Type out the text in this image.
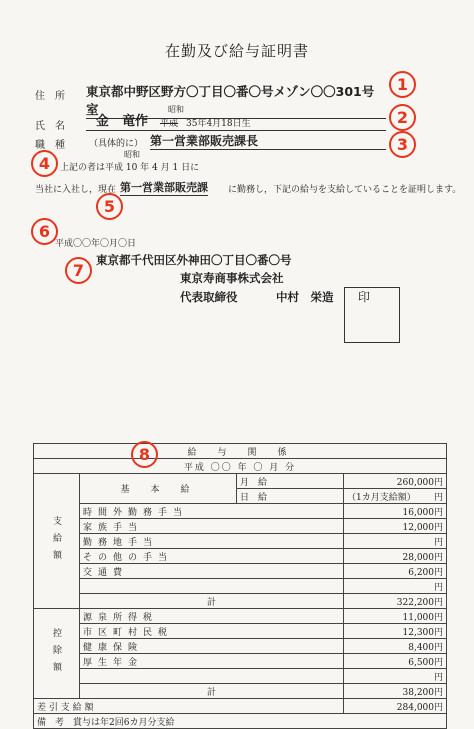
在勤及び給与証明書
住　所 東京都中野区野方〇丁目〇番〇号メゾン〇〇301号室
1
氏　名 金　竜作
昭和
平成 35年4月18日生	2
職　種	（具体的に） 第一営業部販売課長	3
4	昭和
上記の者は平成 10 年 4 月 1 日に
当社に入社し，現在 第一営業部販売課 に勤務し，下記の給与を支給していることを証明します。
5
6
平成〇〇年〇月〇日
7
東京都千代田区外神田〇丁目〇番〇号
東京寿商事株式会社
代表取締役	中村　栄造 印
給　与　関　係			
平成 〇〇 年 〇 月 分			
支給額	基　本　給	月　給	260,000円
		日　給	（1カ月支給額） 円
	時間外勤務手当		16,000円
	家族手当		12,000円
	勤務地手当		円
	その他の手当		28,000円
	交通費		6,200円
			円
	計		322,200円
控除額	源泉所得税		11,000円
	市区町村民税		12,300円
	健康保険		8,400円
	厚生年金		6,500円
			円
	計		38,200円
差 引 支 給 額			284,000円
備　考　 賞与は年2回6カ月分支給			
8
